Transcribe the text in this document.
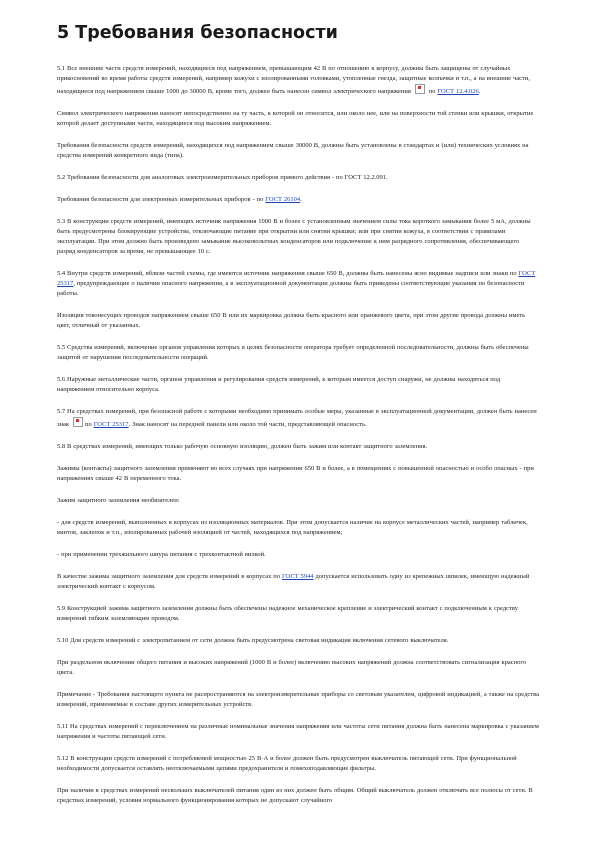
5 Требования безопасности

5.1 Все внешние части средств измерений, находящиеся под напряжением, превышающим 42 В по отношению к корпусу, должны быть защищены от случайных прикосновений во время работы средств измерений, например кожухи с изолированными головками, утопленные гнезда, защитные колпачки и т.п., а на внешние части, находящиеся под напряжением свыше 1000 до 30000 В, кроме того, должен быть нанесен символ электрического напряжения	по ГОСТ 12.4.026.

Символ электрического напряжения наносят непосредственно на ту часть, к которой он относится, или около нее, или на поверхности той стенки или крышки, открытие которой делает доступными части, находящиеся под высоким напряжением.

Требования безопасности средств измерений, находящихся под напряжением свыше 30000 В, должны быть установлены в стандартах и (или) технических условиях на средства измерений конкретного вида (типа).

5.2 Требования безопасности для аналоговых электроизмерительных приборов прямого действия - по ГОСТ 12.2.091.

Требования безопасности для электронных измерительных приборов - по ГОСТ 26104.

5.3 В конструкции средств измерений, имеющих источник напряжения 1000 В и более с установленным значением силы тока короткого замыкания более 5 мА, должны быть предусмотрены блокирующие устройства, отключающие питание при открытии или снятии крышки; или при снятии кожуха, в соответствии с правилами эксплуатации. При этом должно быть произведено замыкание высоковольтных конденсаторов или подключение к ним разрядного сопротивления, обеспечивающего разряд конденсаторов за время, не превышающее 10 с.

5.4 Внутри средств измерений, вблизи частей схемы, где имеются источник напряжения свыше 650 В, должны быть нанесены ясно видимые надписи или знаки по ГОСТ 25317, предупреждающие о наличии опасного напряжения, а в эксплуатационной документации должны быть приведены соответствующие указания по безопасности работы.

Изоляция токонесущих проводов напряжением свыше 650 В или их маркировка должна быть красного или оранжевого цвета, при этом другие провода должны иметь цвет, отличный от указанных.

5.5 Средства измерений, включение органов управления которых в целях безопасности оператора требует определенной последовательности, должны быть обеспечены защитой от нарушения последовательности операций.

5.6 Наружные металлические части, органов управления и регулирования средств измерений, к которым имеется доступ снаружи, не должны находиться под напряжением относительно корпуса.

5.7 На средствах измерений, при безопасной работе с которыми необходимо принимать особые меры, указанные в эксплуатационной документации, должен быть нанесен знак по ГОСТ 25317. Знак наносят на передней панели или около той части, представляющей опасность.

5.8 В средствах измерений, имеющих только рабочую основную изоляцию, должен быть зажим или контакт защитного заземления.

Зажимы (контакты) защитного заземления применяют во всех случаях при напряжении 650 В и более, а в помещениях с повышенной опасностью и особо опасных - при напряжениях свыше 42 В переменного тока.

Зажим защитного заземления необязателен:

- для средств измерений, выполненных в корпусах из изоляционных материалов. При этом допускается наличие на корпусе металлических частей, например табличек, винтов, заклепок и т.п., изолированных рабочей изоляцией от частей, находящихся под напряжением;

- при применении трехжильного шнура питания с трехконтактной вилкой.

В качестве зажима защитного заземления для средств измерений в корпусах по ГОСТ 5944 допускается использовать одну из крепежных шпилек, имеющую надежный электрический контакт с корпусом.

5.9 Конструкцией зажима защитного заземления должны быть обеспечены надежное механическое крепление и электрический контакт с подключенным к средству измерений гибким заземляющим проводом.

5.10 Для средств измерений с электропитанием от сети должна быть предусмотрена световая индикация включения сетевого выключателя.

При раздельном включении общего питания и высоких напряжений (1000 В и более) включению высоких напряжений должна соответствовать сигнализация красного цвета.

Примечание - Требования настоящего пункта не распространяются на электроизмерительные приборы со световым указателем, цифровой индикацией, а также на средства измерений, применяемые в составе других измерительных устройств.

5.11 На средствах измерений с переключением на различные номинальные значения напряжения или частоты сети питания должна быть нанесена маркировка с указанием напряжения и частоты питающей сети.

5.12 В конструкции средств измерений с потребляемой мощностью 25 В·А и более должен быть предусмотрен выключатель питающей сети. При функциональной необходимости допускается оставлять неотключаемыми цепями предохранителя и помехоподавляющие фильтры.

При наличии в средствах измерений нескольких выключателей питания один из них должен быть общим. Общий выключатель должен отключать все полюсы от сети. В средствах измерений, условия нормального функционирования которых не допускают случайного
